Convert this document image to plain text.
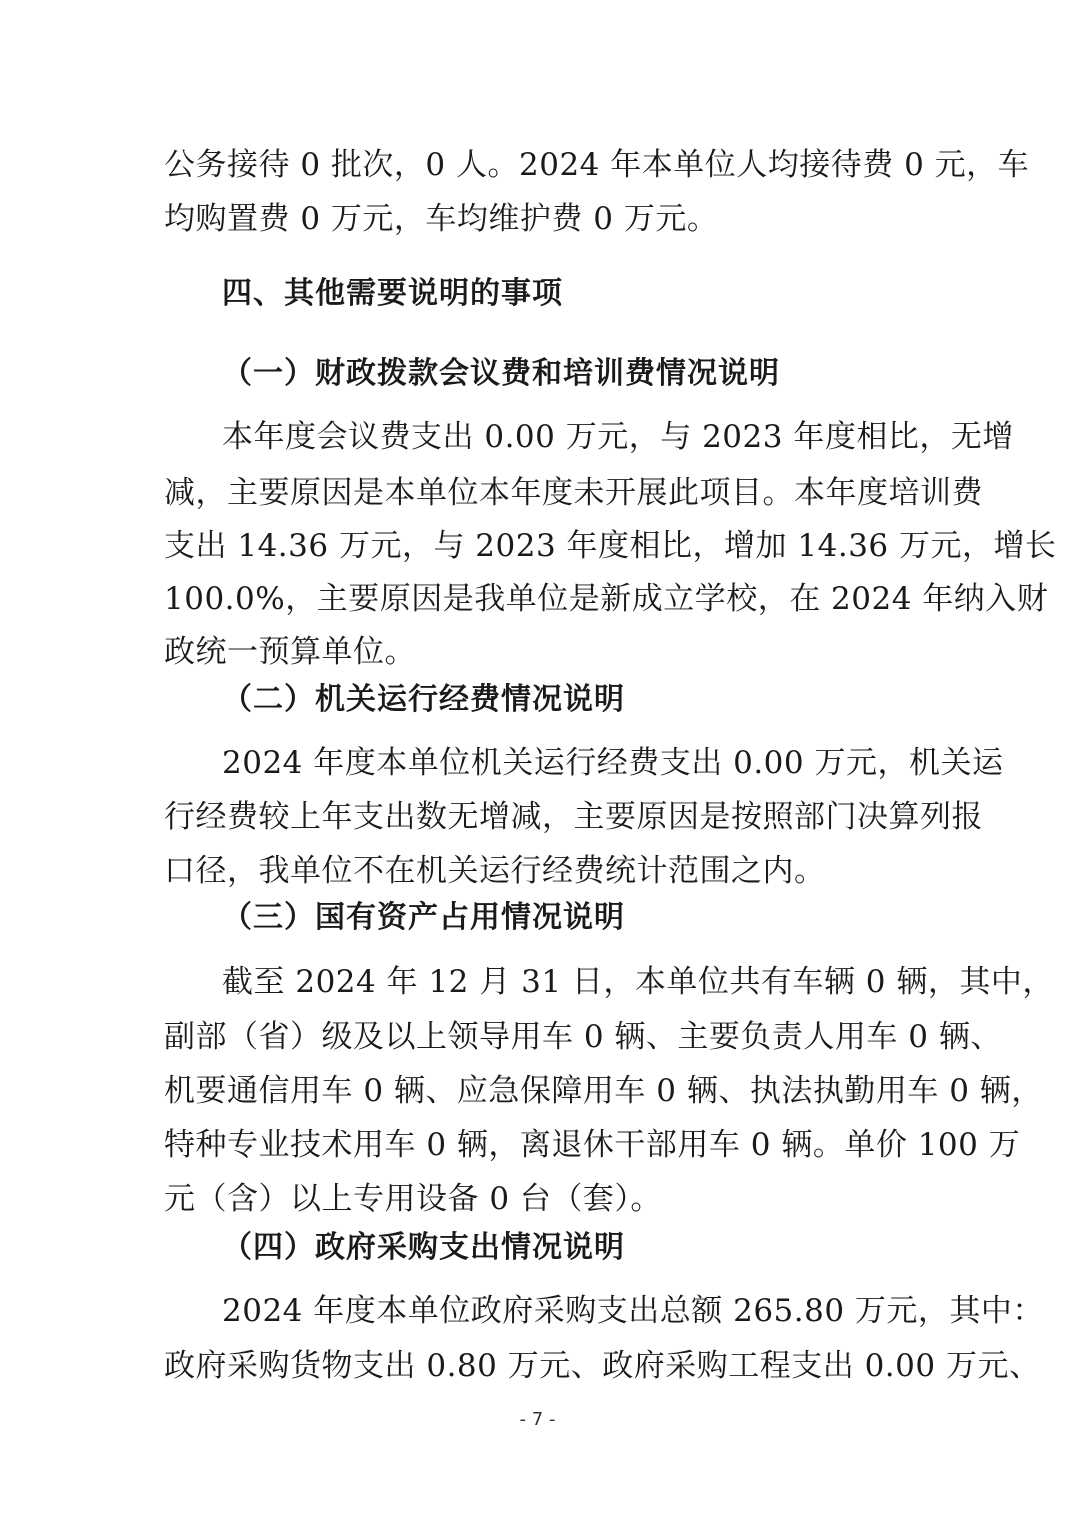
公务接待 0 批次，0 人。2024 年本单位人均接待费 0 元，车
均购置费 0 万元，车均维护费 0 万元。
四、其他需要说明的事项
（一）财政拨款会议费和培训费情况说明
本年度会议费支出 0.00 万元，与 2023 年度相比，无增
减，主要原因是本单位本年度未开展此项目。本年度培训费
支出 14.36 万元，与 2023 年度相比，增加 14.36 万元，增长
100.0%，主要原因是我单位是新成立学校，在 2024 年纳入财
政统一预算单位。
（二）机关运行经费情况说明
2024 年度本单位机关运行经费支出 0.00 万元，机关运
行经费较上年支出数无增减，主要原因是按照部门决算列报
口径，我单位不在机关运行经费统计范围之内。
（三）国有资产占用情况说明
截至 2024 年 12 月 31 日，本单位共有车辆 0 辆，其中，
副部（省）级及以上领导用车 0 辆、主要负责人用车 0 辆、
机要通信用车 0 辆、应急保障用车 0 辆、执法执勤用车 0 辆，
特种专业技术用车 0 辆，离退休干部用车 0 辆。单价 100 万
元（含）以上专用设备 0 台（套）。
（四）政府采购支出情况说明
2024 年度本单位政府采购支出总额 265.80 万元，其中：
政府采购货物支出 0.80 万元、政府采购工程支出 0.00 万元、
- 7 -
